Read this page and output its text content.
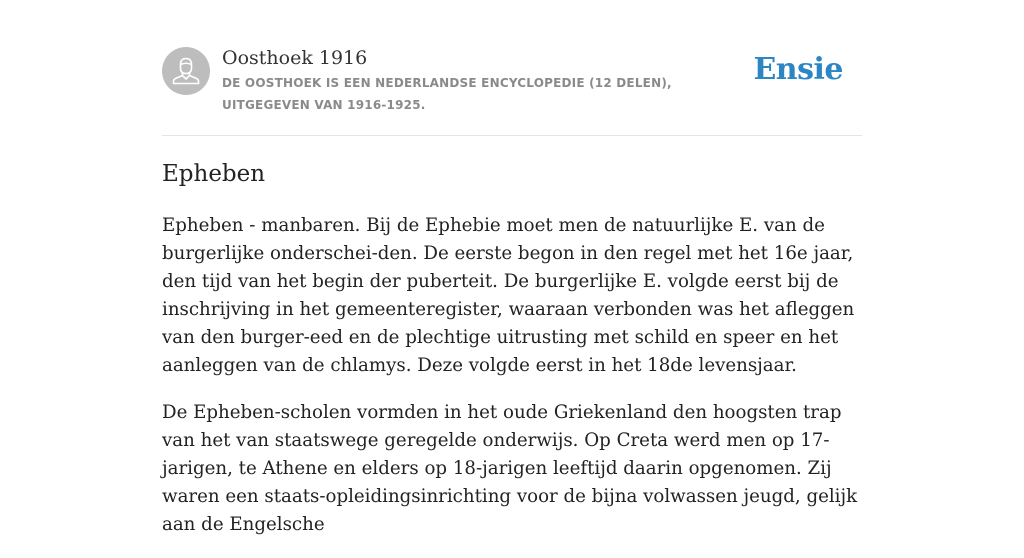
Oosthoek 1916
DE OOSTHOEK IS EEN NEDERLANDSE ENCYCLOPEDIE (12 DELEN), UITGEGEVEN VAN 1916-1925.
Ensie
Epheben

Epheben - manbaren. Bij de Ephebie moet men de natuurlijke E. van de burgerlijke onderschei-den. De eerste begon in den regel met het 16e jaar, den tijd van het begin der puberteit. De burgerlijke E. volgde eerst bij de inschrijving in het gemeenteregister, waaraan verbonden was het afleggen van den burger-eed en de plechtige uitrusting met schild en speer en het aanleggen van de chlamys. Deze volgde eerst in het 18de levensjaar.

De Epheben-scholen vormden in het oude Griekenland den hoogsten trap van het van staatswege geregelde onderwijs. Op Creta werd men op 17-jarigen, te Athene en elders op 18-jarigen leeftijd daarin opgenomen. Zij waren een staats-opleidingsinrichting voor de bijna volwassen jeugd, gelijk aan de Engelsche
